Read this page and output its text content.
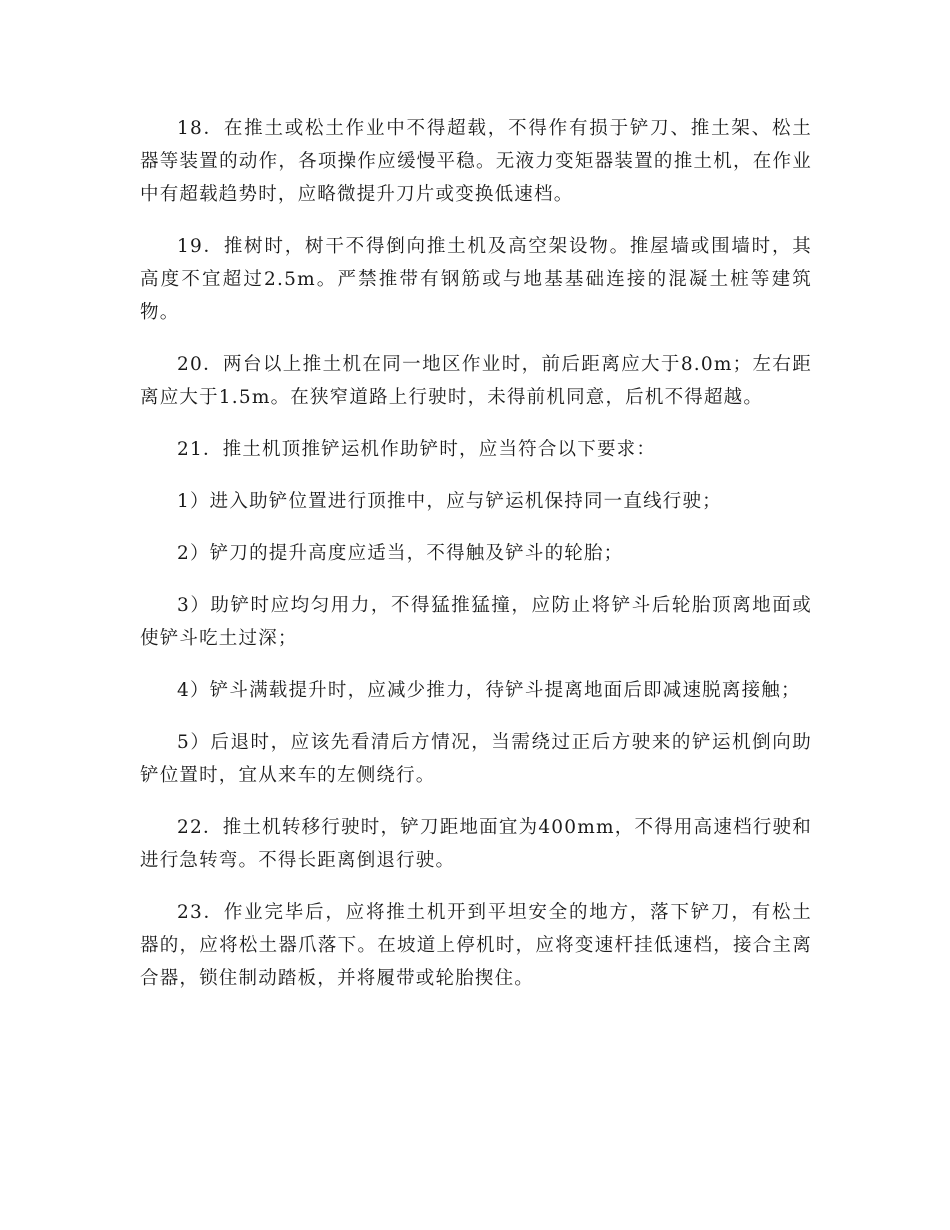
18．在推土或松土作业中不得超载，不得作有损于铲刀、推土架、松土器等装置的动作，各项操作应缓慢平稳。无液力变矩器装置的推土机，在作业中有超载趋势时，应略微提升刀片或变换低速档。

19．推树时，树干不得倒向推土机及高空架设物。推屋墙或围墙时，其高度不宜超过2.5m。严禁推带有钢筋或与地基基础连接的混凝土桩等建筑物。

20．两台以上推土机在同一地区作业时，前后距离应大于8.0m；左右距离应大于1.5m。在狭窄道路上行驶时，未得前机同意，后机不得超越。

21．推土机顶推铲运机作助铲时，应当符合以下要求：

1）进入助铲位置进行顶推中，应与铲运机保持同一直线行驶；

2）铲刀的提升高度应适当，不得触及铲斗的轮胎；

3）助铲时应均匀用力，不得猛推猛撞，应防止将铲斗后轮胎顶离地面或使铲斗吃土过深；

4）铲斗满载提升时，应减少推力，待铲斗提离地面后即减速脱离接触；

5）后退时，应该先看清后方情况，当需绕过正后方驶来的铲运机倒向助铲位置时，宜从来车的左侧绕行。

22．推土机转移行驶时，铲刀距地面宜为400mm，不得用高速档行驶和进行急转弯。不得长距离倒退行驶。

23．作业完毕后，应将推土机开到平坦安全的地方，落下铲刀，有松土器的，应将松土器爪落下。在坡道上停机时，应将变速杆挂低速档，接合主离合器，锁住制动踏板，并将履带或轮胎揳住。
